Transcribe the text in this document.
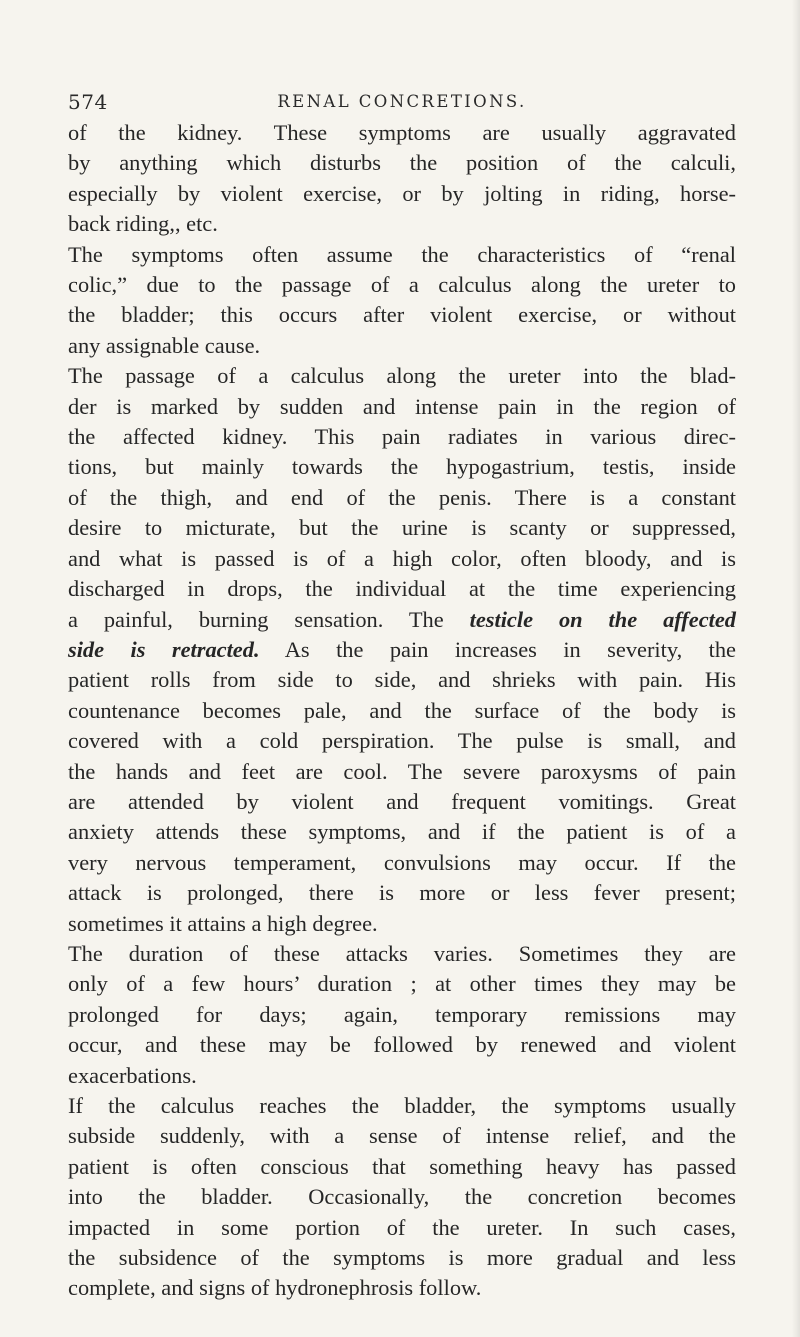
574	RENAL CONCRETIONS.
of the kidney. These symptoms are usually aggravated
by anything which disturbs the position of the calculi,
especially by violent exercise, or by jolting in riding, horse-
back riding,, etc.
The symptoms often assume the characteristics of “renal
colic,” due to the passage of a calculus along the ureter to
the bladder; this occurs after violent exercise, or without
any assignable cause.
The passage of a calculus along the ureter into the blad-
der is marked by sudden and intense pain in the region of
the affected kidney. This pain radiates in various direc-
tions, but mainly towards the hypogastrium, testis, inside
of the thigh, and end of the penis. There is a constant
desire to micturate, but the urine is scanty or suppressed,
and what is passed is of a high color, often bloody, and is
discharged in drops, the individual at the time experiencing
a painful, burning sensation. The testicle on the affected
side is retracted. As the pain increases in severity, the
patient rolls from side to side, and shrieks with pain. His
countenance becomes pale, and the surface of the body is
covered with a cold perspiration. The pulse is small, and
the hands and feet are cool. The severe paroxysms of pain
are attended by violent and frequent vomitings. Great
anxiety attends these symptoms, and if the patient is of a
very nervous temperament, convulsions may occur. If the
attack is prolonged, there is more or less fever present;
sometimes it attains a high degree.
The duration of these attacks varies. Sometimes they are
only of a few hours’ duration ; at other times they may be
prolonged for days; again, temporary remissions may
occur, and these may be followed by renewed and violent
exacerbations.
If the calculus reaches the bladder, the symptoms usually
subside suddenly, with a sense of intense relief, and the
patient is often conscious that something heavy has passed
into the bladder. Occasionally, the concretion becomes
impacted in some portion of the ureter. In such cases,
the subsidence of the symptoms is more gradual and less
complete, and signs of hydronephrosis follow.
